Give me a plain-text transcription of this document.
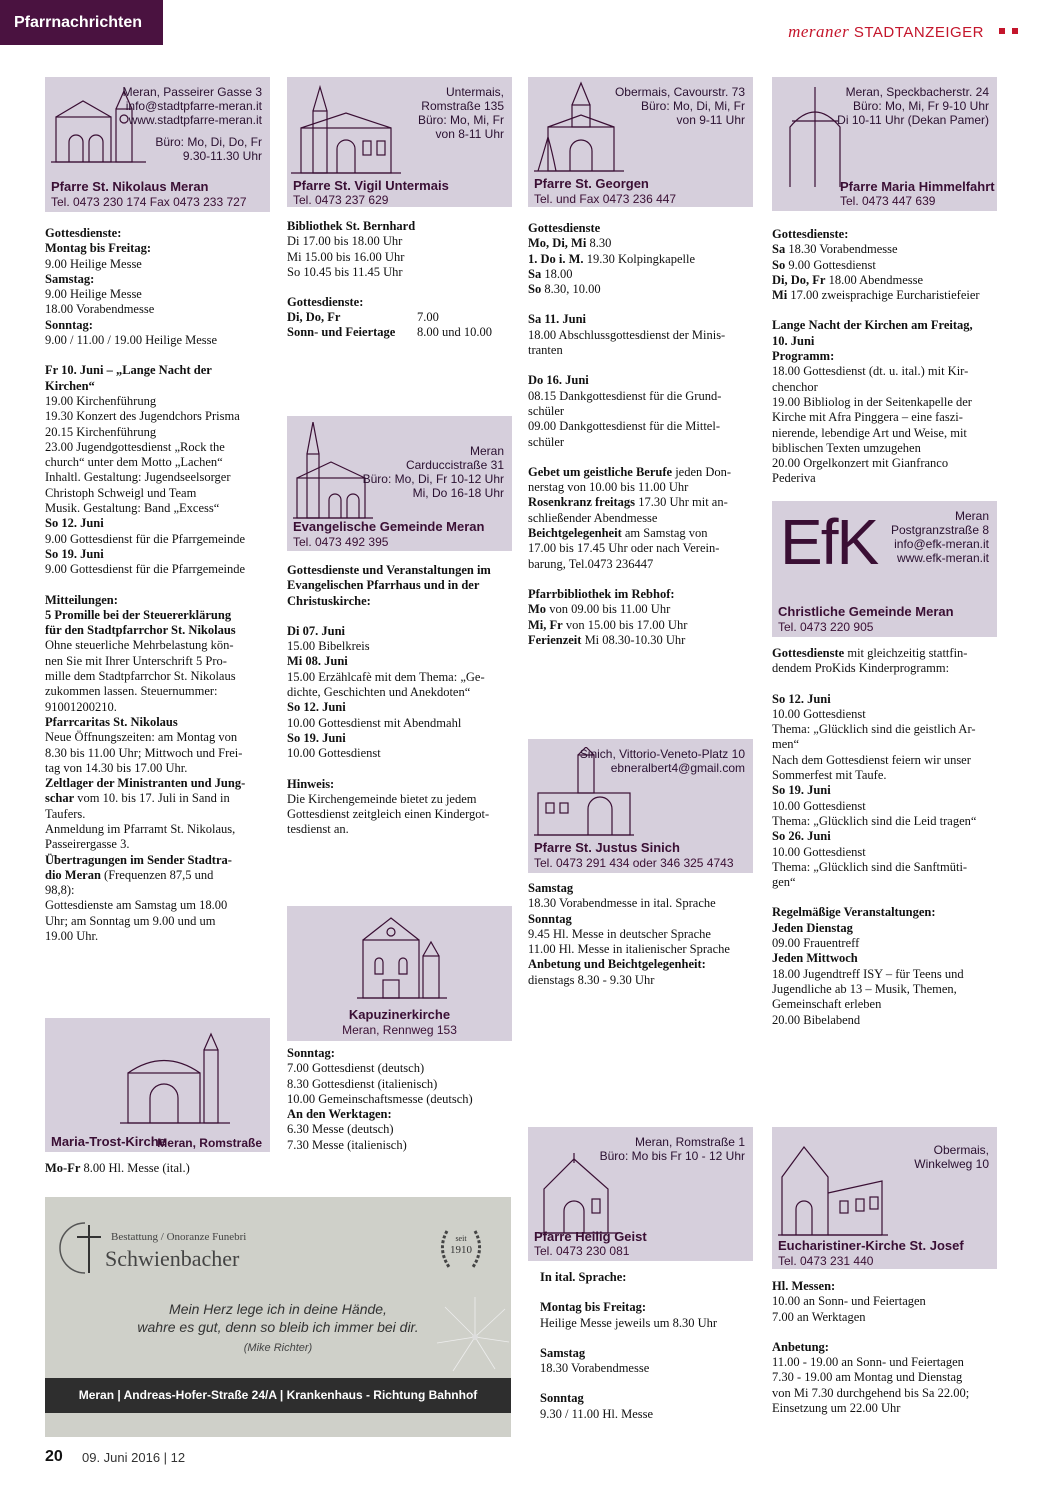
Pfarrnachrichten	meraner STADTANZEIGER
Meran, Passeirer Gasse 3
info@stadtpfarre-meran.it
www.stadtpfarre-meran.it
Büro: Mo, Di, Do, Fr
9.30-11.30 Uhr
Pfarre St. Nikolaus Meran
Tel. 0473 230 174 Fax 0473 233 727

Gottesdienste:

Montag bis Freitag:

9.00 Heilige Messe

Samstag:

9.00 Heilige Messe

18.00 Vorabendmesse

Sonntag:

9.00 / 11.00 / 19.00 Heilige Messe

Fr 10. Juni – „Lange Nacht der

Kirchen“

19.00 Kirchenführung

19.30 Konzert des Jugendchors Prisma

20.15 Kirchenführung

23.00 Jugendgottesdienst „Rock the

church“ unter dem Motto „Lachen“

Inhaltl. Gestaltung: Jugendseelsorger

Christoph Schweigl und Team

Musik. Gestaltung: Band „Excess“

So 12. Juni

9.00 Gottesdienst für die Pfarrgemeinde

So 19. Juni

9.00 Gottesdienst für die Pfarrgemeinde

Mitteilungen:

5 Promille bei der Steuererklärung

für den Stadtpfarrchor St. Nikolaus

Ohne steuerliche Mehrbelastung kön-

nen Sie mit Ihrer Unterschrift 5 Pro-

mille dem Stadtpfarrchor St. Nikolaus

zukommen lassen. Steuernummer:

91001200210.

Pfarrcaritas St. Nikolaus

Neue Öffnungszeiten: am Montag von

8.30 bis 11.00 Uhr; Mittwoch und Frei-

tag von 14.30 bis 17.00 Uhr.

Zeltlager der Ministranten und Jung-

schar vom 10. bis 17. Juli in Sand in

Taufers.

Anmeldung im Pfarramt St. Nikolaus,

Passeirergasse 3.

Übertragungen im Sender Stadtra-

dio Meran (Frequenzen 87,5 und

98,8):

Gottesdienste am Samstag um 18.00

Uhr; am Sonntag um 9.00 und um

19.00 Uhr.

Maria-Trost-Kirche
Meran, Romstraße

Mo-Fr 8.00 Hl. Messe (ital.)

Bestattung / Onoranze Funebri
Schwienbacher
seit
1910
Mein Herz lege ich in deine Hände,
wahre es gut, denn so bleib ich immer bei dir.
(Mike Richter)
Meran | Andreas-Hofer-Straße 24/A | Krankenhaus - Richtung Bahnhof
Untermais,
Romstraße 135
Büro: Mo, Mi, Fr
von 8-11 Uhr
Pfarre St. Vigil Untermais
Tel. 0473 237 629

Bibliothek St. Bernhard

Di 17.00 bis 18.00 Uhr

Mi 15.00 bis 16.00 Uhr

So 10.45 bis 11.45 Uhr

Gottesdienste:

Di, Do, Fr	7.00
Sonn- und Feiertage	8.00 und 10.00
Meran
Carduccistraße 31
Büro: Mo, Di, Fr 10-12 Uhr
Mi, Do 16-18 Uhr
Evangelische Gemeinde Meran
Tel. 0473 492 395

Gottesdienste und Veranstaltungen im

Evangelischen Pfarrhaus und in der

Christuskirche:

Di 07. Juni

15.00 Bibelkreis

Mi 08. Juni

15.00 Erzählcafè mit dem Thema: „Ge-

dichte, Geschichten und Anekdoten“

So 12. Juni

10.00 Gottesdienst mit Abendmahl

So 19. Juni

10.00 Gottesdienst

Hinweis:

Die Kirchengemeinde bietet zu jedem

Gottesdienst zeitgleich einen Kindergot-

tesdienst an.

Kapuzinerkirche
Meran, Rennweg 153

Sonntag:

7.00 Gottesdienst (deutsch)

8.30 Gottesdienst (italienisch)

10.00 Gemeinschaftsmesse (deutsch)

An den Werktagen:

6.30 Messe (deutsch)

7.30 Messe (italienisch)

Obermais, Cavourstr. 73
Büro: Mo, Di, Mi, Fr
von 9-11 Uhr
Pfarre St. Georgen
Tel. und Fax 0473 236 447

Gottesdienste

Mo, Di, Mi 8.30

1. Do i. M. 19.30 Kolpingkapelle

Sa 18.00

So 8.30, 10.00

Sa 11. Juni

18.00 Abschlussgottesdienst der Minis-

tranten

Do 16. Juni

08.15 Dankgottesdienst für die Grund-

schüler

09.00 Dankgottesdienst für die Mittel-

schüler

Gebet um geistliche Berufe jeden Don-

nerstag von 10.00 bis 11.00 Uhr

Rosenkranz freitags 17.30 Uhr mit an-

schließender Abendmesse

Beichtgelegenheit am Samstag von

17.00 bis 17.45 Uhr oder nach Verein-

barung, Tel.0473 236447

Pfarrbibliothek im Rebhof:

Mo von 09.00 bis 11.00 Uhr

Mi, Fr von 15.00 bis 17.00 Uhr

Ferienzeit Mi 08.30-10.30 Uhr

Sinich, Vittorio-Veneto-Platz 10
ebneralbert4@gmail.com
Pfarre St. Justus Sinich
Tel. 0473 291 434 oder 346 325 4743

Samstag

18.30 Vorabendmesse in ital. Sprache

Sonntag

9.45 Hl. Messe in deutscher Sprache

11.00 Hl. Messe in italienischer Sprache

Anbetung und Beichtgelegenheit:

dienstags 8.30 - 9.30 Uhr

Meran, Romstraße 1
Büro: Mo bis Fr 10 - 12 Uhr
Pfarre Heilig Geist
Tel. 0473 230 081

In ital. Sprache:

Montag bis Freitag:

Heilige Messe jeweils um 8.30 Uhr

Samstag

18.30 Vorabendmesse

Sonntag

9.30 / 11.00 Hl. Messe

Meran, Speckbacherstr. 24
Büro: Mo, Mi, Fr 9-10 Uhr
Di 10-11 Uhr (Dekan Pamer)
Pfarre Maria Himmelfahrt
Tel. 0473 447 639

Gottesdienste:

Sa 18.30 Vorabendmesse

So 9.00 Gottesdienst

Di, Do, Fr 18.00 Abendmesse

Mi 17.00 zweisprachige Eurcharistiefeier

Lange Nacht der Kirchen am Freitag,

10. Juni

Programm:

18.00 Gottesdienst (dt. u. ital.) mit Kir-

chenchor

19.00 Bibliolog in der Seitenkapelle der

Kirche mit Afra Pinggera – eine faszi-

nierende, lebendige Art und Weise, mit

biblischen Texten umzugehen

20.00 Orgelkonzert mit Gianfranco

Pederiva

EfK	Meran
Postgranzstraße 8
info@efk-meran.it
www.efk-meran.it
Christliche Gemeinde Meran
Tel. 0473 220 905

Gottesdienste mit gleichzeitig stattfin-

dendem ProKids Kinderprogramm:

So 12. Juni

10.00 Gottesdienst

Thema: „Glücklich sind die geistlich Ar-

men“

Nach dem Gottesdienst feiern wir unser

Sommerfest mit Taufe.

So 19. Juni

10.00 Gottesdienst

Thema: „Glücklich sind die Leid tragen“

So 26. Juni

10.00 Gottesdienst

Thema: „Glücklich sind die Sanftmüti-

gen“

Regelmäßige Veranstaltungen:

Jeden Dienstag

09.00 Frauentreff

Jeden Mittwoch

18.00 Jugendtreff ISY – für Teens und

Jugendliche ab 13 – Musik, Themen,

Gemeinschaft erleben

20.00 Bibelabend

Obermais,
Winkelweg 10
Eucharistiner-Kirche St. Josef
Tel. 0473 231 440

Hl. Messen:

10.00 an Sonn- und Feiertagen

7.00 an Werktagen

Anbetung:

11.00 - 19.00 an Sonn- und Feiertagen

7.30 - 19.00 am Montag und Dienstag

von Mi 7.30 durchgehend bis Sa 22.00;

Einsetzung um 22.00 Uhr

20 09. Juni 2016 | 12
